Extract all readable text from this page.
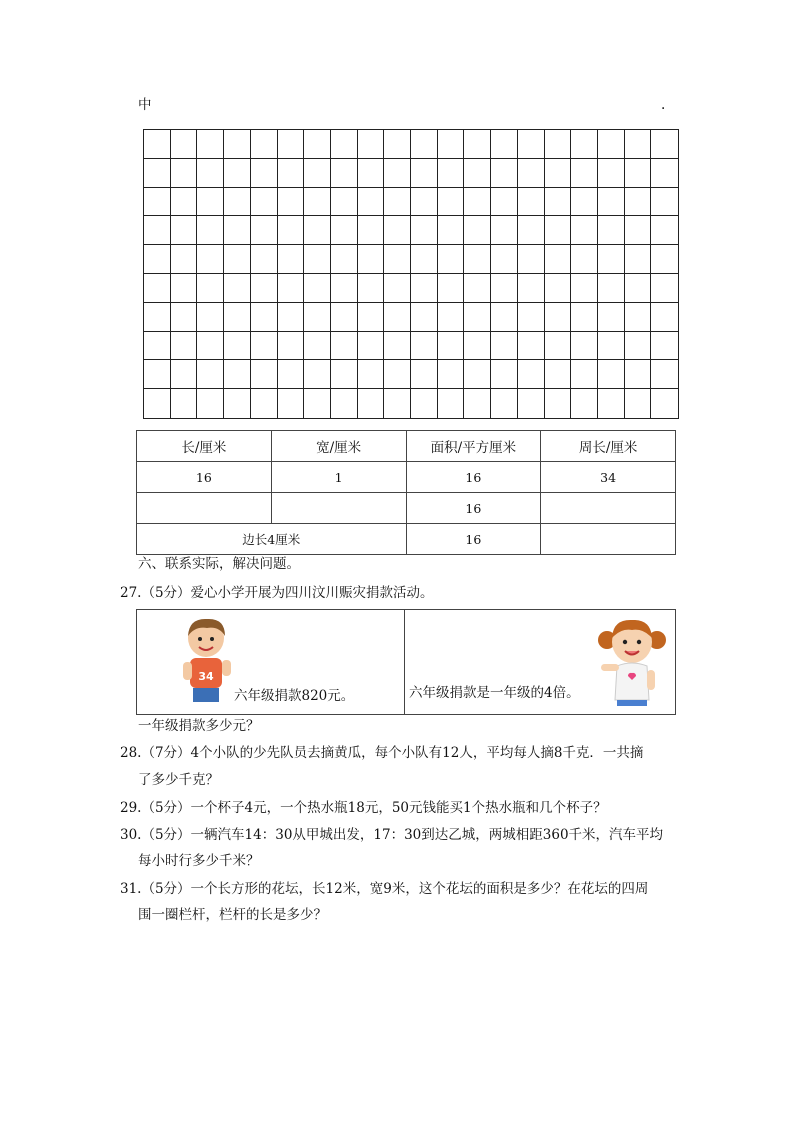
中	.
长/厘米	宽/厘米	面积/平方厘米	周长/厘米
16	1	16	34
		16	
边长4厘米		16	
六、联系实际，解决问题。
27.（5分）爱心小学开展为四川汶川赈灾捐款活动。
34
六年级捐款820元。	六年级捐款是一年级的4倍。
一年级捐款多少元？
28.（7分）4个小队的少先队员去摘黄瓜，每个小队有12人，平均每人摘8千克．一共摘
了多少千克？
29.（5分）一个杯子4元，一个热水瓶18元，50元钱能买1个热水瓶和几个杯子？
30.（5分）一辆汽车14：30从甲城出发，17：30到达乙城，两城相距360千米，汽车平均
每小时行多少千米？
31.（5分）一个长方形的花坛，长12米，宽9米，这个花坛的面积是多少？在花坛的四周
围一圈栏杆，栏杆的长是多少？
